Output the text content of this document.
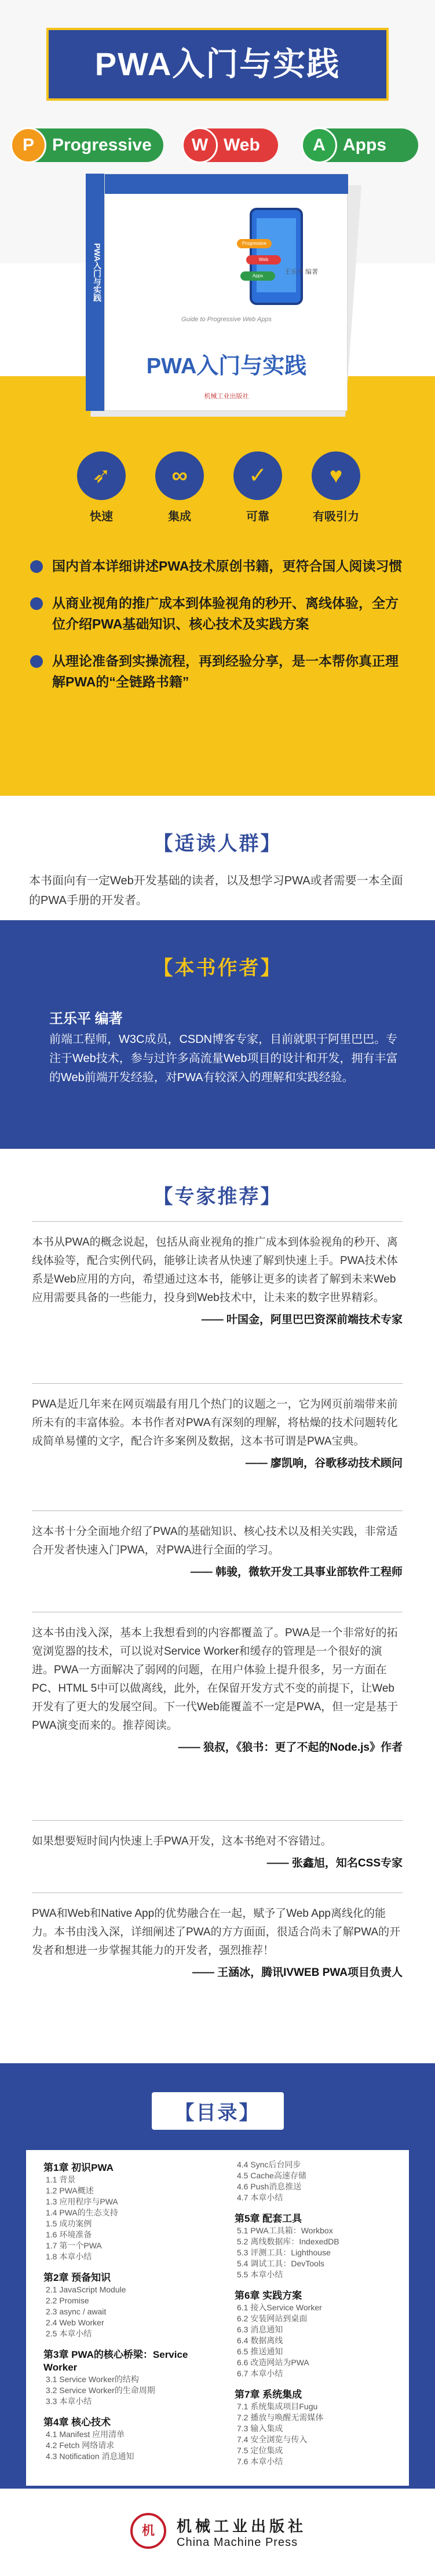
PWA入门与实践
P	Progressive	W Web	A	Apps
PWA入门与实践	Progressive
Web
Apps
王乐平 编著
Guide to Progressive Web Apps
PWA入门与实践
机械工业出版社
➶
快速
∞
集成
✓
可靠
♥
有吸引力
国内首本详细讲述PWA技术原创书籍，更符合国人阅读习惯
从商业视角的推广成本到体验视角的秒开、离线体验，全方位介绍PWA基础知识、核心技术及实践方案
从理论准备到实操流程，再到经验分享，是一本帮你真正理解PWA的“全链路书籍”
【适读人群】

本书面向有一定Web开发基础的读者，以及想学习PWA或者需要一本全面的PWA手册的开发者。

【本书作者】
王乐平 编著
前端工程师，W3C成员，CSDN博客专家，目前就职于阿里巴巴。专注于Web技术，参与过许多高流量Web项目的设计和开发，拥有丰富的Web前端开发经验，对PWA有较深入的理解和实践经验。
【专家推荐】

本书从PWA的概念说起，包括从商业视角的推广成本到体验视角的秒开、离线体验等，配合实例代码，能够让读者从快速了解到快速上手。PWA技术体系是Web应用的方向，希望通过这本书，能够让更多的读者了解到未来Web应用需要具备的一些能力，投身到Web技术中，让未来的数字世界精彩。

—— 叶国金，阿里巴巴资深前端技术专家

PWA是近几年来在网页端最有用几个热门的议题之一，它为网页前端带来前所未有的丰富体验。本书作者对PWA有深刻的理解，将枯燥的技术问题转化成简单易懂的文字，配合许多案例及数据，这本书可谓是PWA宝典。

—— 廖凯响，谷歌移动技术顾问

这本书十分全面地介绍了PWA的基础知识、核心技术以及相关实践，非常适合开发者快速入门PWA，对PWA进行全面的学习。

—— 韩骏，微软开发工具事业部软件工程师

这本书由浅入深，基本上我想看到的内容都覆盖了。PWA是一个非常好的拓宽浏览器的技术，可以说对Service Worker和缓存的管理是一个很好的演进。PWA一方面解决了弱网的问题，在用户体验上提升很多，另一方面在PC、HTML 5中可以做离线，此外，在保留开发方式不变的前提下，让Web开发有了更大的发展空间。下一代Web能覆盖不一定是PWA，但一定是基于PWA演变而来的。推荐阅读。

—— 狼叔，《狼书：更了不起的Node.js》作者

如果想要短时间内快速上手PWA开发，这本书绝对不容错过。

—— 张鑫旭，知名CSS专家

PWA和Web和Native App的优势融合在一起，赋予了Web App离线化的能力。本书由浅入深，详细阐述了PWA的方方面面，很适合尚未了解PWA的开发者和想进一步掌握其能力的开发者，强烈推荐！

—— 王涵冰，腾讯IVWEB PWA项目负责人
【目录】
第1章 初识PWA
1.1 背景
1.2 PWA概述
1.3 应用程序与PWA
1.4 PWA的生态支持
1.5 成功案例
1.6 环境准备
1.7 第一个PWA
1.8 本章小结
第2章 预备知识
2.1 JavaScript Module
2.2 Promise
2.3 async / await
2.4 Web Worker
2.5 本章小结
第3章 PWA的核心桥梁：Service Worker
3.1 Service Worker的结构
3.2 Service Worker的生命周期
3.3 本章小结
第4章 核心技术
4.1 Manifest 应用清单
4.2 Fetch 网络请求
4.3 Notification 消息通知
4.4 Sync后台同步
4.5 Cache高速存储
4.6 Push消息推送
4.7 本章小结
第5章 配套工具
5.1 PWA工具箱：Workbox
5.2 离线数据库：IndexedDB
5.3 评测工具：Lighthouse
5.4 调试工具：DevTools
5.5 本章小结
第6章 实践方案
6.1 接入Service Worker
6.2 安装网站到桌面
6.3 消息通知
6.4 数据离线
6.5 推送通知
6.6 改造网站为PWA
6.7 本章小结
第7章 系统集成
7.1 系统集成项目Fugu
7.2 播放与唤醒无需媒体
7.3 输入集成
7.4 安全浏览与传入
7.5 定位集成
7.6 本章小结
机	机械工业出版社
China Machine Press
